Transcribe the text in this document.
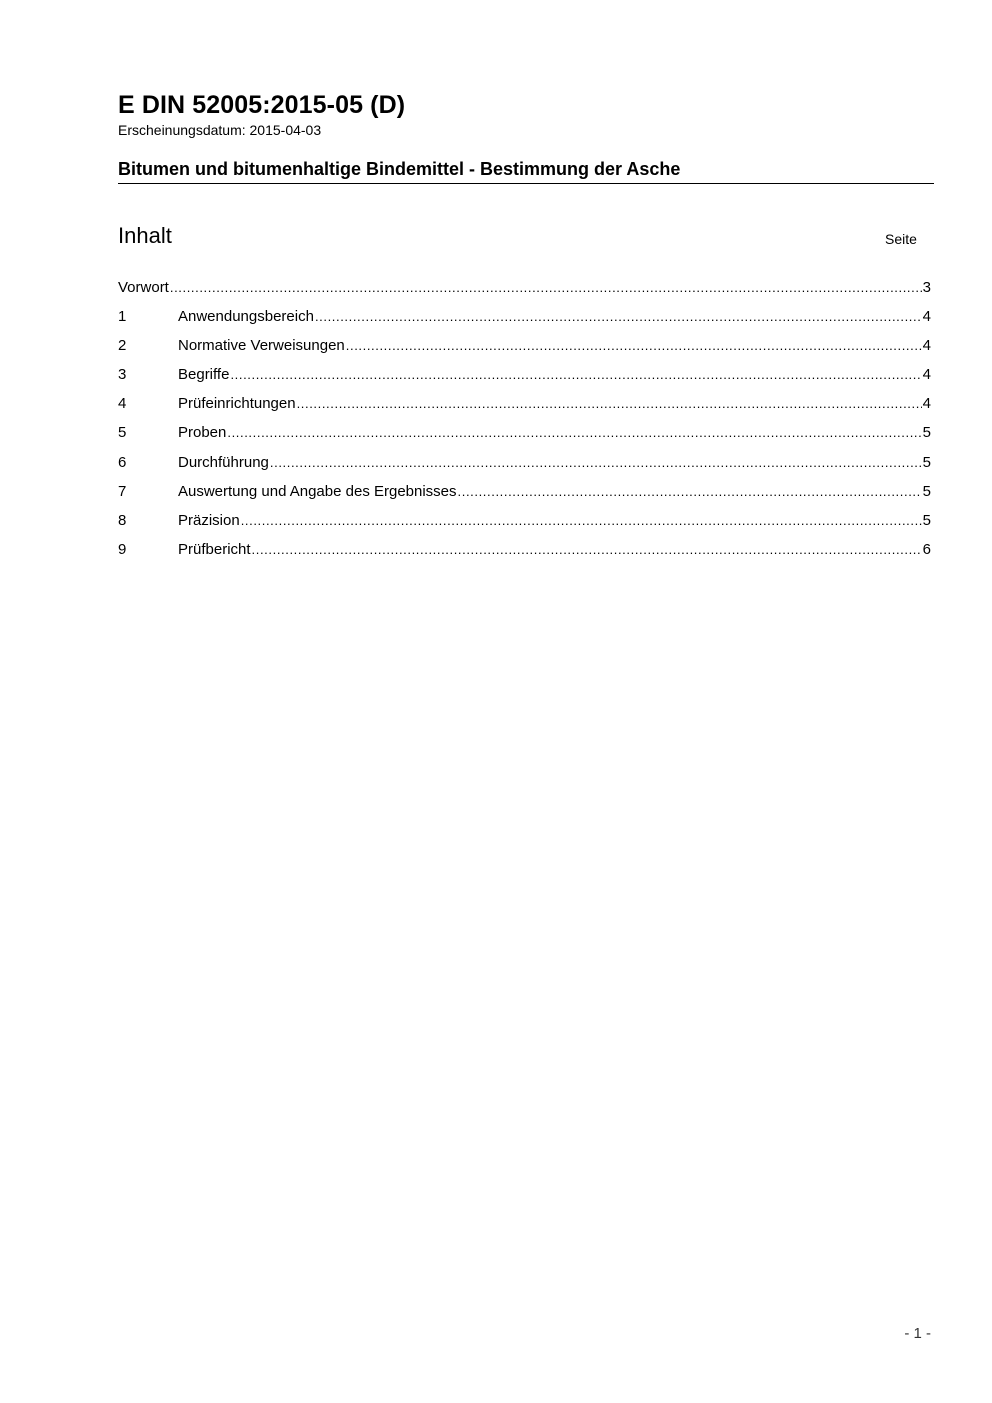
E DIN 52005:2015-05 (D)
Erscheinungsdatum: 2015-04-03
Bitumen und bitumenhaltige Bindemittel - Bestimmung der Asche
Inhalt	Seite
Vorwort .....	3
1	Anwendungsbereich .....	4
2	Normative Verweisungen .....	4
3	Begriffe .....	4
4	Prüfeinrichtungen .....	4
5	Proben .....	5
6	Durchführung .....	5
7	Auswertung und Angabe des Ergebnisses .....	5
8	Präzision .....	5
9	Prüfbericht .....	6
- 1 -
